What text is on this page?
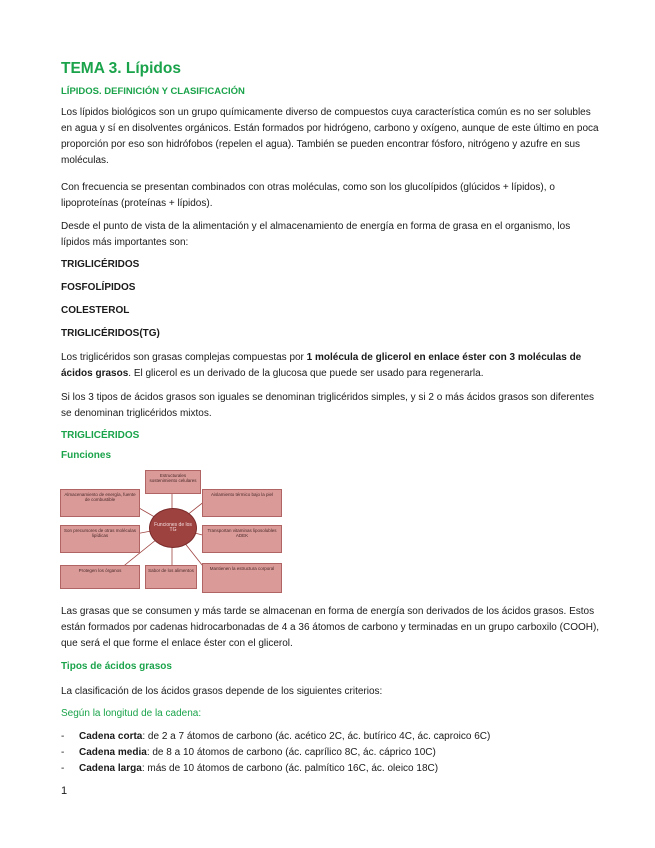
TEMA 3. Lípidos
LÍPIDOS. DEFINICIÓN Y CLASIFICACIÓN

Los lípidos biológicos son un grupo químicamente diverso de compuestos cuya característica común es no ser solubles en agua y sí en disolventes orgánicos. Están formados por hidrógeno, carbono y oxígeno, aunque de este último en poca proporción por eso son hidrófobos (repelen el agua). También se pueden encontrar fósforo, nitrógeno y azufre en sus moléculas.

Con frecuencia se presentan combinados con otras moléculas, como son los glucolípidos (glúcidos + lípidos), o lipoproteínas (proteínas + lípidos).

Desde el punto de vista de la alimentación y el almacenamiento de energía en forma de grasa en el organismo, los lípidos más importantes son:

TRIGLICÉRIDOS
FOSFOLÍPIDOS
COLESTEROL
TRIGLICÉRIDOS(TG)

Los triglicéridos son grasas complejas compuestas por 1 molécula de glicerol en enlace éster con 3 moléculas de ácidos grasos. El glicerol es un derivado de la glucosa que puede ser usado para regenerarla.

Si los 3 tipos de ácidos grasos son iguales se denominan triglicéridos simples, y si 2 o más ácidos grasos son diferentes se denominan triglicéridos mixtos.

TRIGLICÉRIDOS
Funciones
Estructurales sostenimiento celulares
Almacenamiento de energía, fuente de combustible
Aislamiento térmico bajo la piel
Son precursores de otras moléculas lipídicas
Transportan vitaminas liposolubles ADEK
Sabor de los alimentos
Protegen los órganos	Mantienen la estructura corporal
Funciones de los TG

Las grasas que se consumen y más tarde se almacenan en forma de energía son derivados de los ácidos grasos. Estos están formados por cadenas hidrocarbonadas de 4 a 36 átomos de carbono y terminadas en un grupo carboxilo (COOH), que será el que forme el enlace éster con el glicerol.

Tipos de ácidos grasos

La clasificación de los ácidos grasos depende de los siguientes criterios:

Según la longitud de la cadena:
- Cadena corta: de 2 a 7 átomos de carbono (ác. acético 2C, ác. butírico 4C, ác. caproico 6C)
- Cadena media: de 8 a 10 átomos de carbono (ác. caprílico 8C, ác. cáprico 10C)
- Cadena larga: más de 10 átomos de carbono (ác. palmítico 16C, ác. oleico 18C)
1
